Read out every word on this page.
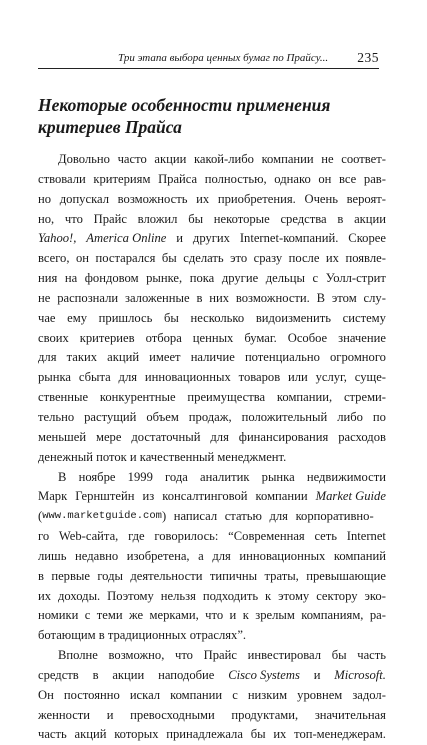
Три этапа выбора ценных бумаг по Прайсу... 235
Некоторые особенности применения
критериев Прайса
Довольно часто акции какой-либо компании не соответ-
ствовали критериям Прайса полностью, однако он все рав-
но допускал возможность их приобретения. Очень вероят-
но, что Прайс вложил бы некоторые средства в акции
Yahoo!, America Online и других Internet-компаний. Скорее
всего, он постарался бы сделать это сразу после их появле-
ния на фондовом рынке, пока другие дельцы с Уолл-стрит
не распознали заложенные в них возможности. В этом слу-
чае ему пришлось бы несколько видоизменить систему
своих критериев отбора ценных бумаг. Особое значение
для таких акций имеет наличие потенциально огромного
рынка сбыта для инновационных товаров или услуг, суще-
ственные конкурентные преимущества компании, стреми-
тельно растущий объем продаж, положительный либо по
меньшей мере достаточный для финансирования расходов
денежный поток и качественный менеджмент.
В ноябре 1999 года аналитик рынка недвижимости
Марк Гернштейн из консалтинговой компании Market Guide
( www.marketguide.com ) написал статью для корпоративно-
го Web-сайта, где говорилось: “Современная сеть Internet
лишь недавно изобретена, а для инновационных компаний
в первые годы деятельности типичны траты, превышающие
их доходы. Поэтому нельзя подходить к этому сектору эко-
номики с теми же мерками, что и к зрелым компаниям, ра-
ботающим в традиционных отраслях”.
Вполне возможно, что Прайс инвестировал бы часть
средств в акции наподобие Cisco Systems и Microsoft.
Он постоянно искал компании с низким уровнем задол-
женности и превосходными продуктами, значительная
часть акций которых принадлежала бы их топ-менеджерам.
